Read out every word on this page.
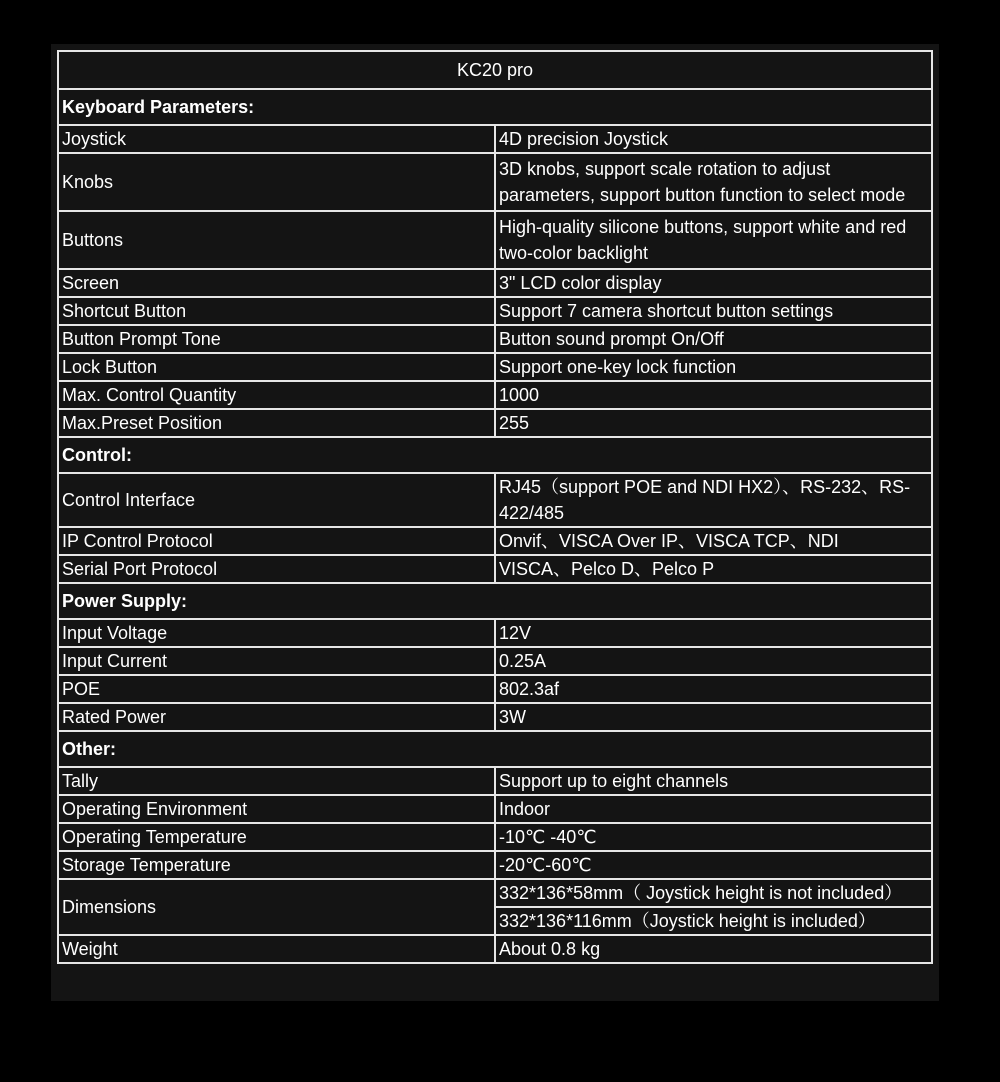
KC20 pro	
Keyboard Parameters:	
Joystick	4D precision Joystick
Knobs	3D knobs, support scale rotation to adjust parameters, support button function to select mode
Buttons	High-quality silicone buttons, support white and red two-color backlight
Screen	3" LCD color display
Shortcut Button	Support 7 camera shortcut button settings
Button Prompt Tone	Button sound prompt On/Off
Lock Button	Support one-key lock function
Max. Control Quantity	1000
Max.Preset Position	255
Control:	
Control Interface	RJ45（support POE and NDI HX2）、RS-232、RS-422/485
IP Control Protocol	Onvif、VISCA Over IP、VISCA TCP、NDI
Serial Port Protocol	VISCA、Pelco D、Pelco P
Power Supply:	
Input Voltage	12V
Input Current	0.25A
POE	802.3af
Rated Power	3W
Other:	
Tally	Support up to eight channels
Operating Environment	Indoor
Operating Temperature	-10℃ -40℃
Storage Temperature	-20℃-60℃
Dimensions	332*136*58mm（ Joystick height is not included）
	332*136*116mm（Joystick height is included）
Weight	About 0.8 kg
